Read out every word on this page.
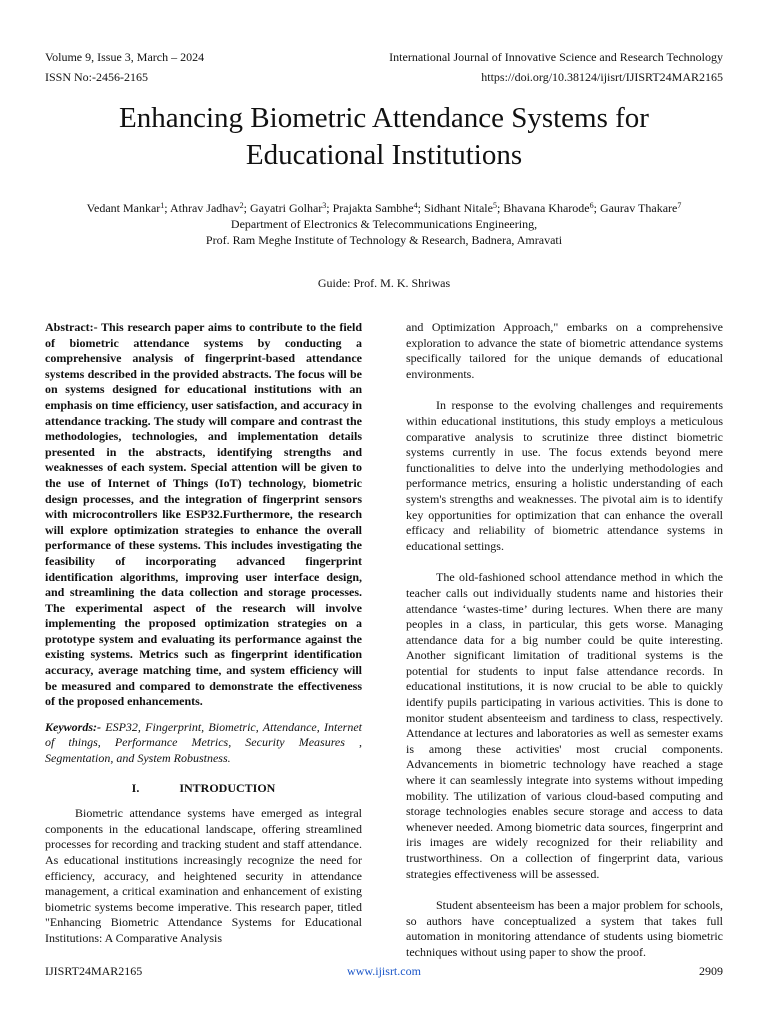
Volume 9, Issue 3, March – 2024
ISSN No:-2456-2165
International Journal of Innovative Science and Research Technology
https://doi.org/10.38124/ijisrt/IJISRT24MAR2165
Enhancing Biometric Attendance Systems for
Educational Institutions
Vedant Mankar$^1$; Athrav Jadhav$^2$; Gayatri Golhar$^3$; Prajakta Sambhe$^4$; Sidhant Nitale$^5$; Bhavana Kharode$^6$; Gaurav Thakare$^7$
Department of Electronics & Telecommunications Engineering,
Prof. Ram Meghe Institute of Technology & Research, Badnera, Amravati
Guide: Prof. M. K. Shriwas

Abstract:- This research paper aims to contribute to the field of biometric attendance systems by conducting a comprehensive analysis of fingerprint-based attendance systems described in the provided abstracts. The focus will be on systems designed for educational institutions with an emphasis on time efficiency, user satisfaction, and accuracy in attendance tracking. The study will compare and contrast the methodologies, technologies, and implementation details presented in the abstracts, identifying strengths and weaknesses of each system. Special attention will be given to the use of Internet of Things (IoT) technology, biometric design processes, and the integration of fingerprint sensors with microcontrollers like ESP32.Furthermore, the research will explore optimization strategies to enhance the overall performance of these systems. This includes investigating the feasibility of incorporating advanced fingerprint identification algorithms, improving user interface design, and streamlining the data collection and storage processes. The experimental aspect of the research will involve implementing the proposed optimization strategies on a prototype system and evaluating its performance against the existing systems. Metrics such as fingerprint identification accuracy, average matching time, and system efficiency will be measured and compared to demonstrate the effectiveness of the proposed enhancements.

Keywords:- ESP32, Fingerprint, Biometric, Attendance, Internet of things, Performance Metrics, Security Measures , Segmentation, and System Robustness.

I.	INTRODUCTION

Biometric attendance systems have emerged as integral components in the educational landscape, offering streamlined processes for recording and tracking student and staff attendance. As educational institutions increasingly recognize the need for efficiency, accuracy, and heightened security in attendance management, a critical examination and enhancement of existing biometric systems become imperative. This research paper, titled "Enhancing Biometric Attendance Systems for Educational Institutions: A Comparative Analysis

and Optimization Approach," embarks on a comprehensive exploration to advance the state of biometric attendance systems specifically tailored for the unique demands of educational environments.

In response to the evolving challenges and requirements within educational institutions, this study employs a meticulous comparative analysis to scrutinize three distinct biometric systems currently in use. The focus extends beyond mere functionalities to delve into the underlying methodologies and performance metrics, ensuring a holistic understanding of each system's strengths and weaknesses. The pivotal aim is to identify key opportunities for optimization that can enhance the overall efficacy and reliability of biometric attendance systems in educational settings.

The old-fashioned school attendance method in which the teacher calls out individually students name and histories their attendance ‘wastes-time’ during lectures. When there are many peoples in a class, in particular, this gets worse. Managing attendance data for a big number could be quite interesting. Another significant limitation of traditional systems is the potential for students to input false attendance records. In educational institutions, it is now crucial to be able to quickly identify pupils participating in various activities. This is done to monitor student absenteeism and tardiness to class, respectively. Attendance at lectures and laboratories as well as semester exams is among these activities' most crucial components. Advancements in biometric technology have reached a stage where it can seamlessly integrate into systems without impeding mobility. The utilization of various cloud-based computing and storage technologies enables secure storage and access to data whenever needed. Among biometric data sources, fingerprint and iris images are widely recognized for their reliability and trustworthiness. On a collection of fingerprint data, various strategies effectiveness will be assessed.

Student absenteeism has been a major problem for schools, so authors have conceptualized a system that takes full automation in monitoring attendance of students using biometric techniques without using paper to show the proof.

IJISRT24MAR2165	www.ijisrt.com	2909
